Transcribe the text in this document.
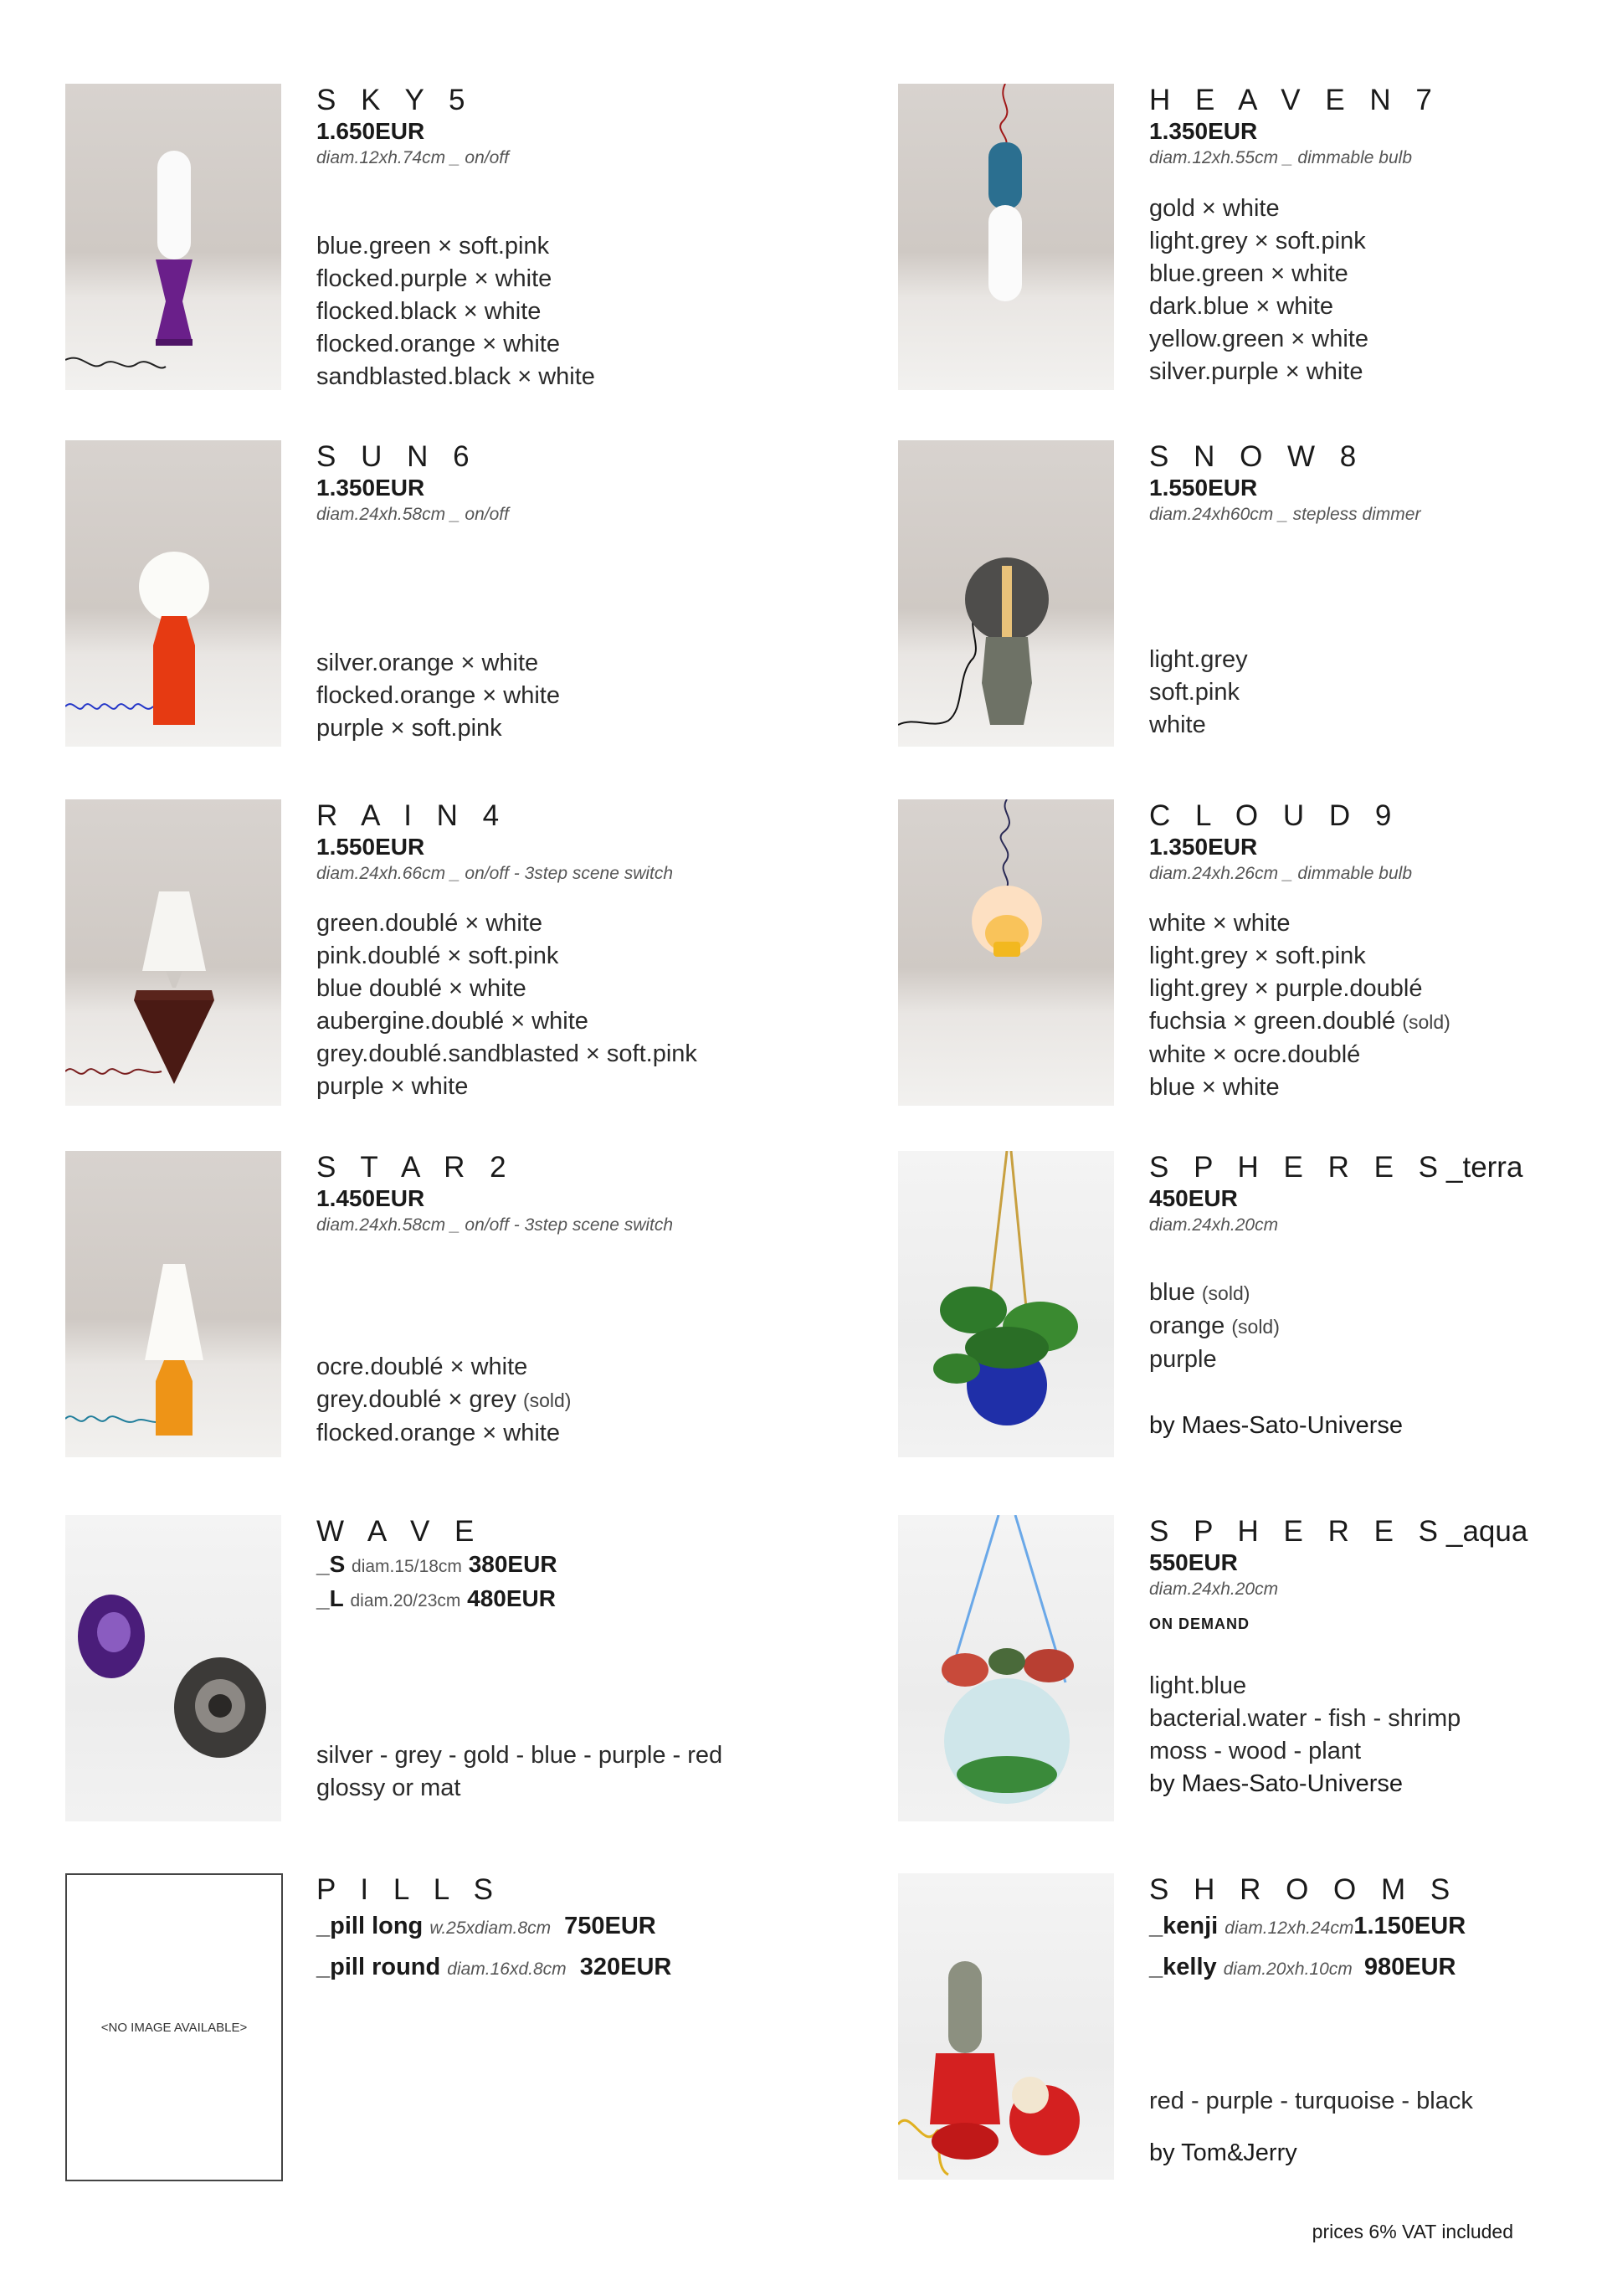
S K Y 5
1.650EUR
diam.12xh.74cm _ on/off
blue.green × soft.pink
flocked.purple × white
flocked.black × white
flocked.orange × white
sandblasted.black × white
S U N 6
1.350EUR
diam.24xh.58cm _ on/off
silver.orange × white
flocked.orange × white
purple × soft.pink
R A I N 4
1.550EUR
diam.24xh.66cm _ on/off - 3step scene switch
green.doublé × white
pink.doublé × soft.pink
blue doublé × white
aubergine.doublé × white
grey.doublé.sandblasted × soft.pink
purple × white
S T A R 2
1.450EUR
diam.24xh.58cm _ on/off - 3step scene switch
ocre.doublé × white
grey.doublé × grey (sold)
flocked.orange × white
W A V E
_S diam.15/18cm 380EUR
_L diam.20/23cm 480EUR
silver - grey - gold - blue - purple - red
glossy or mat
<NO IMAGE AVAILABLE>
P I L L S
_pill long w.25xdiam.8cm 750EUR
_pill round diam.16xd.8cm 320EUR
H E A V E N 7
1.350EUR
diam.12xh.55cm _ dimmable bulb
gold × white
light.grey × soft.pink
blue.green × white
dark.blue × white
yellow.green × white
silver.purple × white
S N O W 8
1.550EUR
diam.24xh60cm _ stepless dimmer
light.grey
soft.pink
white
C L O U D 9
1.350EUR
diam.24xh.26cm _ dimmable bulb
white × white
light.grey × soft.pink
light.grey × purple.doublé
fuchsia × green.doublé (sold)
white × ocre.doublé
blue × white
S P H E R E S_terra
450EUR
diam.24xh.20cm
blue (sold)
orange (sold)
purple
by Maes-Sato-Universe
S P H E R E S_aqua
550EUR
diam.24xh.20cm
ON DEMAND
light.blue
bacterial.water - fish - shrimp
moss - wood - plant
by Maes-Sato-Universe
S H R O O M S
_kenji diam.12xh.24cm1.150EUR
_kelly diam.20xh.10cm 980EUR
red - purple - turquoise - black
by Tom&Jerry
prices 6% VAT included
